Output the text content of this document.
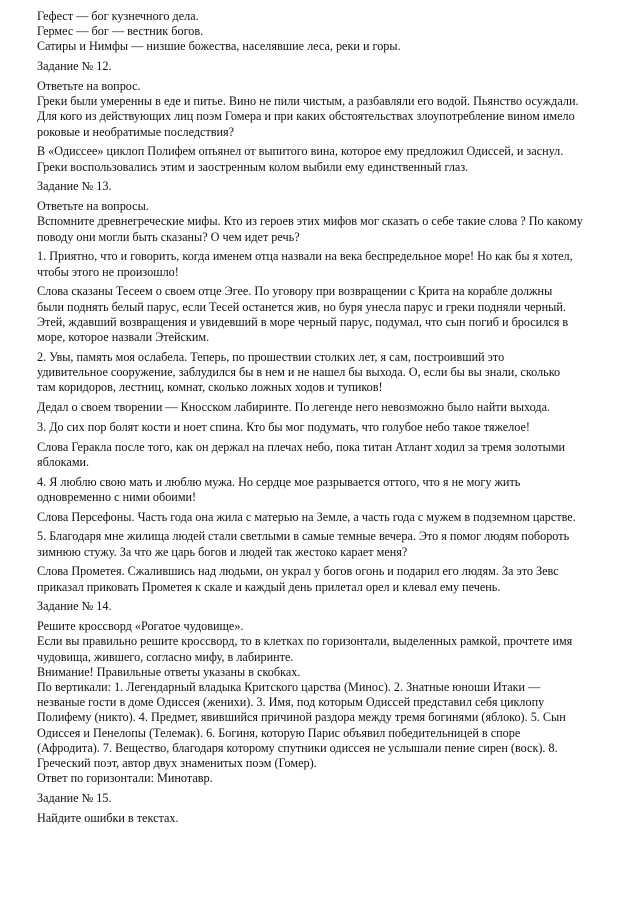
Гефест — бог кузнечного дела.
Гермес — бог — вестник богов.
Сатиры и Нимфы — низшие божества, населявшие леса, реки и горы.
Задание № 12.
Ответьте на вопрос.
Греки были умеренны в еде и питье. Вино не пили чистым, а разбавляли его водой. Пьянство осуждали.
Для кого из действующих лиц поэм Гомера и при каких обстоятельствах злоупотребление вином имело
роковые и необратимые последствия?
В «Одиссее» циклоп Полифем опъянел от выпитого вина, которое ему предложил Одиссей, и заснул.
Греки воспользовались этим и заостренным колом выбили ему единственный глаз.
Задание № 13.
Ответьте на вопросы.
Вспомните древнегреческие мифы. Кто из героев этих мифов мог сказать о себе такие слова ? По какому
поводу они могли быть сказаны? О чем идет речь?
1. Приятно, что и говорить, когда именем отца назвали на века беспредельное море! Но как бы я хотел,
чтобы этого не произошло!
Слова сказаны Тесеем о своем отце Эгее. По уговору при возвращении с Крита на корабле должны
были поднять белый парус, если Тесей останется жив, но буря унесла парус и греки подняли черный.
Этей, ждавший возвращения и увидевший в море черный парус, подумал, что сын погиб и бросился в
море, которое назвали Этейским.
2. Увы, память моя ослабела. Теперь, по прошествии столких лет, я сам, построивший это
удивительное сооружение, заблудился бы в нем и не нашел бы выхода. О, если бы вы знали, сколько
там коридоров, лестниц, комнат, сколько ложных ходов и тупиков!
Дедал о своем творении — Кносском лабиринте. По легенде него невозможно было найти выхода.
3. До сих пор болят кости и ноет спина. Кто бы мог подумать, что голубое небо такое тяжелое!
Слова Геракла после того, как он держал на плечах небо, пока титан Атлант ходил за тремя золотыми
яблоками.
4. Я люблю свою мать и люблю мужа. Но сердце мое разрывается оттого, что я не могу жить
одновременно с ними обоими!
Слова Персефоны. Часть года она жила с матерью на Земле, а часть года с мужем в подземном царстве.
5. Благодаря мне жилища людей стали светлыми в самые темные вечера. Это я помог людям побороть
зимнюю стужу. За что же царь богов и людей так жестоко карает меня?
Слова Прометея. Сжалившись над людьми, он украл у богов огонь и подарил его людям. За это Зевс
приказал приковать Прометея к скале и каждый день прилетал орел и клевал ему печень.
Задание № 14.
Решите кроссворд «Рогатое чудовище».
Если вы правильно решите кроссворд, то в клетках по горизонтали, выделенных рамкой, прочтете имя
чудовища, жившего, согласно мифу, в лабиринте.
Внимание! Правильные ответы указаны в скобках.
По вертикали: 1. Легендарный владыка Критского царства (Минос). 2. Знатные юноши Итаки —
незваные гости в доме Одиссея (женихи). 3. Имя, под которым Одиссей представил себя циклопу
Полифему (никто). 4. Предмет, явившийся причиной раздора между тремя богинями (яблоко). 5. Сын
Одиссея и Пенелопы (Телемак). 6. Богиня, которую Парис объявил победительницей в споре
(Афродита). 7. Вещество, благодаря которому спутники одиссея не услышали пение сирен (воск). 8.
Греческий поэт, автор двух знаменитых поэм (Гомер).
Ответ по горизонтали: Минотавр.
Задание № 15.
Найдите ошибки в текстах.
